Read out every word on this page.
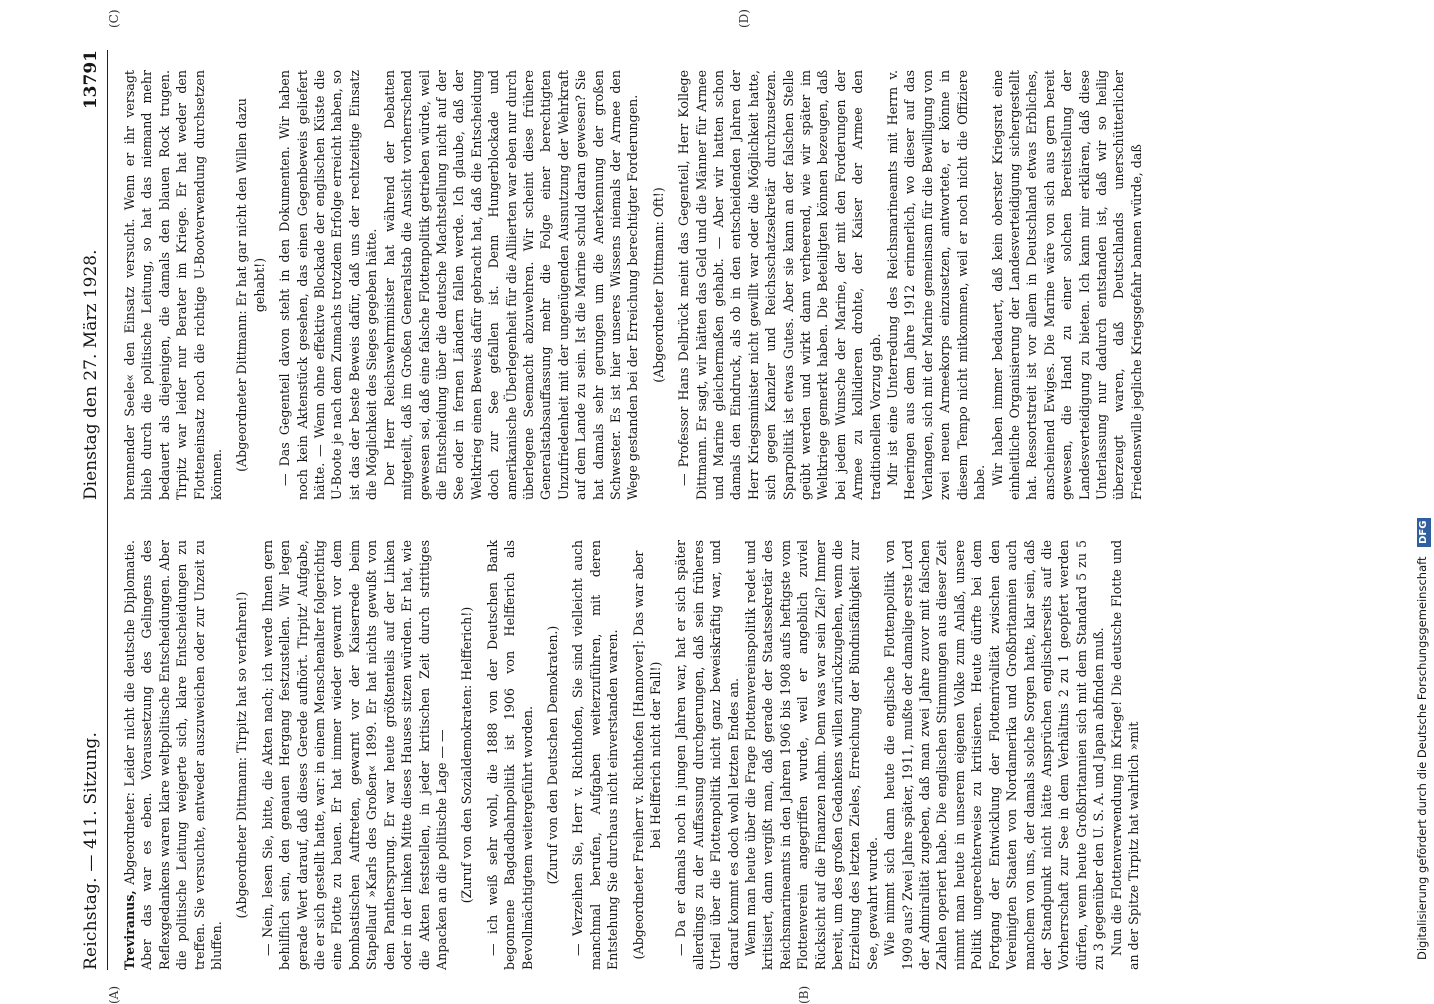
Reichstag. — 411. Sitzung.
Dienstag den 27. März 1928.
13791
(A)	(B)
(C)	(D)

Treviranus, Abgeordneter: Leider nicht die deutsche Diplomatie. Aber das war es eben. Voraussetzung des Gelingens des Reflexgedankens waren klare weltpolitische Entscheidungen. Aber die politische Leitung weigerte sich, klare Entscheidungen zu treffen. Sie versuchte, entweder auszuweichen oder zur Unzeit zu bluffen.

(Abgeordneter Dittmann: Tirpitz hat so verfahren!) — Nein, lesen Sie, bitte, die Akten nach; ich werde Ihnen gern behilflich sein, den genauen Hergang festzustellen. Wir legen gerade Wert darauf, daß dieses Gerede aufhört. Tirpitz' Aufgabe, die er sich gestellt hatte, war: in einem Menschenalter folgerichtig eine Flotte zu bauen. Er hat immer wieder gewarnt vor dem bombastischen Auftreten, gewarnt vor der Kaiserrede beim Stapellauf »Karls des Großen« 1899. Er hat nichts gewußt von dem Panthersprung. Er war heute größtenteils auf der Linken oder in der linken Mitte dieses Hauses sitzen würden. Er hat, wie die Akten feststellen, in jeder kritischen Zeit durch strittiges Anpacken an die politische Lage — — (Zuruf von den Sozialdemokraten: Helfferich!) — ich weiß sehr wohl, die 1888 von der Deutschen Bank begonnene Bagdadbahnpolitik ist 1906 von Helfferich als Bevollmächtigtem weitergeführt worden. (Zuruf von den Deutschen Demokraten.) — Verzeihen Sie, Herr v. Richthofen, Sie sind vielleicht auch manchmal berufen, Aufgaben weiterzuführen, mit deren Entstehung Sie durchaus nicht einverstanden waren. (Abgeordneter Freiherr v. Richthofen [Hannover]: Das war aber bei Helfferich nicht der Fall!) — Da er damals noch in jungen Jahren war, hat er sich später allerdings zu der Auffassung durchgerungen, daß sein früheres Urteil über die Flottenpolitik nicht ganz beweiskräftig war, und darauf kommt es doch wohl letzten Endes an. Wenn man heute über die Frage Flottenvereinspolitik redet und kritisiert, dann vergißt man, daß gerade der Staatssekretär des Reichsmarineamts in den Jahren 1906 bis 1908 aufs heftigste vom Flottenverein angegriffen wurde, weil er angeblich zuviel Rücksicht auf die Finanzen nahm. Denn was war sein Ziel? Immer bereit, um des großen Gedankens willen zurückzugehen, wenn die Erzielung des letzten Zieles, Erreichung der Bündnisfähigkeit zur See, gewahrt wurde. Wie nimmt sich dann heute die englische Flottenpolitik von 1909 aus? Zwei Jahre später, 1911, mußte der damalige erste Lord der Admiralität zugeben, daß man zwei Jahre zuvor mit falschen Zahlen operiert habe. Die englischen Stimmungen aus dieser Zeit nimmt man heute in unserem eigenen Volke zum Anlaß, unsere Politik ungerechterweise zu kritisieren. Heute dürfte bei dem Fortgang der Entwicklung der Flottenrivalität zwischen den Vereinigten Staaten von Nordamerika und Großbritannien auch manchem von uns, der damals solche Sorgen hatte, klar sein, daß der Standpunkt nicht hätte Ansprüchen englischerseits auf die Vorherrschaft zur See in dem Verhältnis 2 zu 1 geopfert werden dürfen, wenn heute Großbritannien sich mit dem Standard 5 zu 5 zu 3 gegenüber den U. S. A. und Japan abfinden muß. Nun die Flottenverwendung im Kriege! Die deutsche Flotte und an der Spitze Tirpitz hat wahrlich »mit

brennender Seele« den Einsatz versucht. Wenn er ihr versagt blieb durch die politische Leitung, so hat das niemand mehr bedauert als diejenigen, die damals den blauen Rock trugen. Tirpitz war leider nur Berater im Kriege. Er hat weder den Flotteneinsatz noch die richtige U-Bootverwendung durchsetzen können.

(Abgeordneter Dittmann: Er hat gar nicht den Willen dazu gehabt!) — Das Gegenteil davon steht in den Dokumenten. Wir haben noch kein Aktenstück gesehen, das einen Gegenbeweis geliefert hätte. — Wenn ohne effektive Blockade der englischen Küste die U-Boote je nach dem Zumachs trotzdem Erfolge erreicht haben, so ist das der beste Beweis dafür, daß uns der rechtzeitige Einsatz die Möglichkeit des Sieges gegeben hätte. Der Herr Reichswehrminister hat während der Debatten mitgeteilt, daß im Großen Generalstab die Ansicht vorherrschend gewesen sei, daß eine falsche Flottenpolitik getrieben würde, weil die Entscheidung über die deutsche Machtstellung nicht auf der See oder in fernen Ländern fallen werde. Ich glaube, daß der Weltkrieg einen Beweis dafür gebracht hat, daß die Entscheidung doch zur See gefallen ist. Denn Hungerblockade und amerikanische Überlegenheit für die Alliierten war eben nur durch überlegene Seemacht abzuwehren. Wir scheint diese frühere Generalstabsauffassung mehr die Folge einer berechtigten Unzufriedenheit mit der ungenügenden Ausnutzung der Wehrkraft auf dem Lande zu sein. Ist die Marine schuld daran gewesen? Sie hat damals sehr gerungen um die Anerkennung der großen Schwester. Es ist hier unseres Wissens niemals der Armee den Wege gestanden bei der Erreichung berechtigter Forderungen. (Abgeordneter Dittmann: Oft!) — Professor Hans Delbrück meint das Gegenteil, Herr Kollege Dittmann. Er sagt, wir hätten das Geld und die Männer für Armee und Marine gleichermaßen gehabt. — Aber wir hatten schon damals den Eindruck, als ob in den entscheidenden Jahren der Herr Kriegsminister nicht gewillt war oder die Möglichkeit hatte, sich gegen Kanzler und Reichsschatzsekretär durchzusetzen. Sparpolitik ist etwas Gutes. Aber sie kann an der falschen Stelle geübt werden und wirkt dann verheerend, wie wir später im Weltkriege gemerkt haben. Die Beteiligten können bezeugen, daß bei jedem Wunsche der Marine, der mit den Forderungen der Armee zu kollidieren drohte, der Kaiser der Armee den traditionellen Vorzug gab. Mir ist eine Unterredung des Reichsmarineamts mit Herrn v. Heeringen aus dem Jahre 1912 erinnerlich, wo dieser auf das Verlangen, sich mit der Marine gemeinsam für die Bewilligung von zwei neuen Armeekorps einzusetzen, antwortete, er könne in diesem Tempo nicht mitkommen, weil er noch nicht die Offiziere habe. Wir haben immer bedauert, daß kein oberster Kriegsrat eine einheitliche Organisierung der Landesverteidigung sichergestellt hat. Ressortstreit ist vor allem in Deutschland etwas Erbliches, anscheinend Ewiges. Die Marine wäre von sich aus gern bereit gewesen, die Hand zu einer solchen Bereitstellung der Landesverteidigung zu bieten. Ich kann mir erklären, daß diese Unterlassung nur dadurch entstanden ist, daß wir so heilig überzeugt waren, daß Deutschlands unerschütterlicher Friedenswille jegliche Kriegsgefahr bannen würde, daß

Digitalisierung gefördert durch die Deutsche Forschungsgemeinschaft DFG
